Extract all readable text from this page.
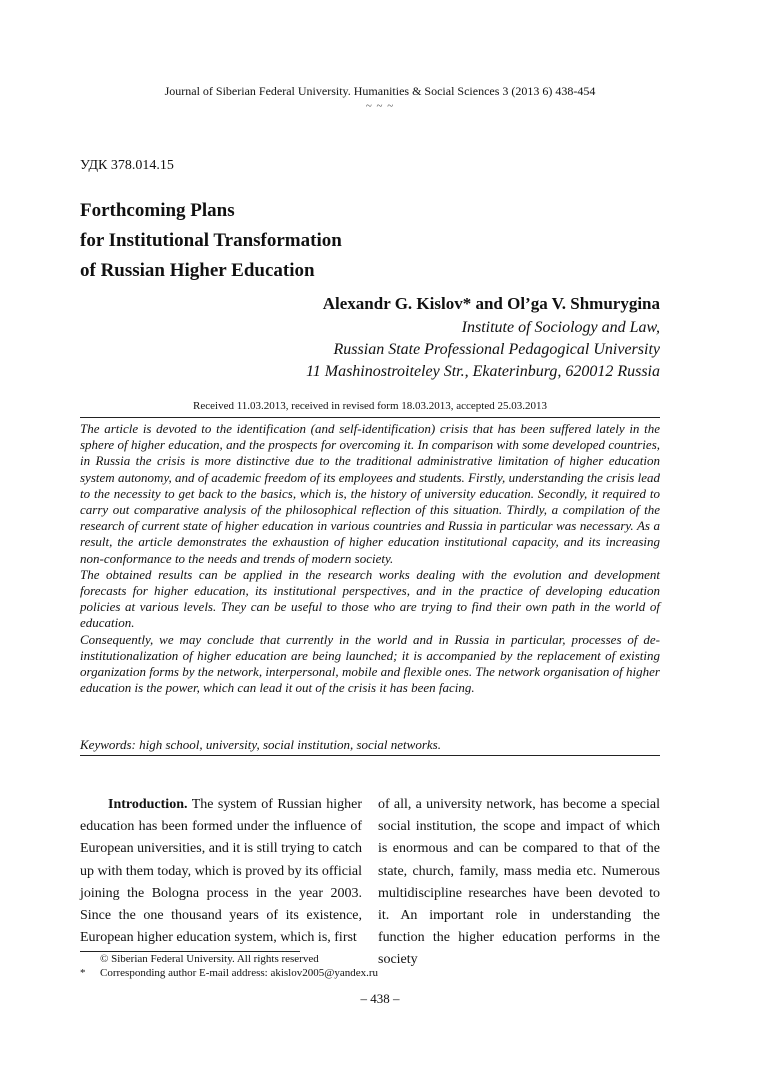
Journal of Siberian Federal University. Humanities & Social Sciences 3 (2013 6) 438-454
~ ~ ~
УДК 378.014.15
Forthcoming Plans
for Institutional Transformation
of Russian Higher Education
Alexandr G. Kislov* and Ol’ga V. Shmurygina
Institute of Sociology and Law,
Russian State Professional Pedagogical University
11 Mashinostroiteley Str., Ekaterinburg, 620012 Russia
Received 11.03.2013, received in revised form 18.03.2013, accepted 25.03.2013

The article is devoted to the identification (and self-identification) crisis that has been suffered lately in the sphere of higher education, and the prospects for overcoming it. In comparison with some developed countries, in Russia the crisis is more distinctive due to the traditional administrative limitation of higher education system autonomy, and of academic freedom of its employees and students. Firstly, understanding the crisis lead to the necessity to get back to the basics, which is, the history of university education. Secondly, it required to carry out comparative analysis of the philosophical reflection of this situation. Thirdly, a compilation of the research of current state of higher education in various countries and Russia in particular was necessary. As a result, the article demonstrates the exhaustion of higher education institutional capacity, and its increasing non-conformance to the needs and trends of modern society.

The obtained results can be applied in the research works dealing with the evolution and development forecasts for higher education, its institutional perspectives, and in the practice of developing education policies at various levels. They can be useful to those who are trying to find their own path in the world of education.

Consequently, we may conclude that currently in the world and in Russia in particular, processes of de-institutionalization of higher education are being launched; it is accompanied by the replacement of existing organization forms by the network, interpersonal, mobile and flexible ones. The network organisation of higher education is the power, which can lead it out of the crisis it has been facing.

Keywords: high school, university, social institution, social networks.

Introduction. The system of Russian higher education has been formed under the influence of European universities, and it is still trying to catch up with them today, which is proved by its official joining the Bologna process in the year 2003. Since the one thousand years of its existence, European higher education system, which is, first

of all, a university network, has become a special social institution, the scope and impact of which is enormous and can be compared to that of the state, church, family, mass media etc. Numerous multidiscipline researches have been devoted to it. An important role in understanding the function the higher education performs in the society

© Siberian Federal University. All rights reserved
* Corresponding author E-mail address: akislov2005@yandex.ru
– 438 –
